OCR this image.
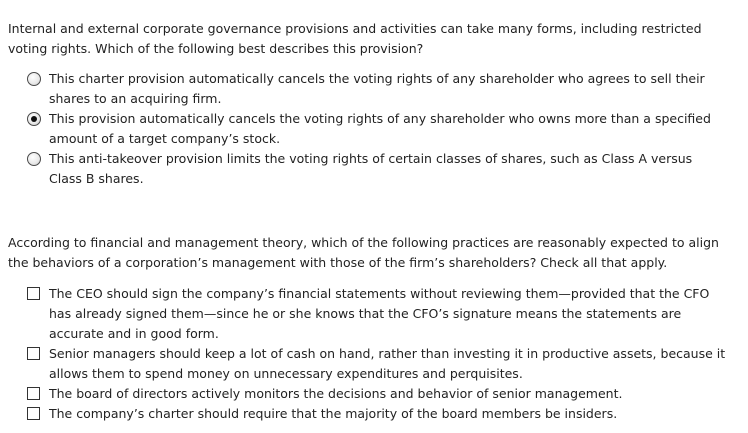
Internal and external corporate governance provisions and activities can take many forms, including restricted voting rights. Which of the following best describes this provision?

This charter provision automatically cancels the voting rights of any shareholder who agrees to sell their shares to an acquiring firm.
This provision automatically cancels the voting rights of any shareholder who owns more than a specified amount of a target company’s stock.
This anti-takeover provision limits the voting rights of certain classes of shares, such as Class A versus Class B shares.

According to financial and management theory, which of the following practices are reasonably expected to align the behaviors of a corporation’s management with those of the firm’s shareholders? Check all that apply.

The CEO should sign the company’s financial statements without reviewing them—provided that the CFO has already signed them—since he or she knows that the CFO’s signature means the statements are accurate and in good form.
Senior managers should keep a lot of cash on hand, rather than investing it in productive assets, because it allows them to spend money on unnecessary expenditures and perquisites.
The board of directors actively monitors the decisions and behavior of senior management.
The company’s charter should require that the majority of the board members be insiders.
